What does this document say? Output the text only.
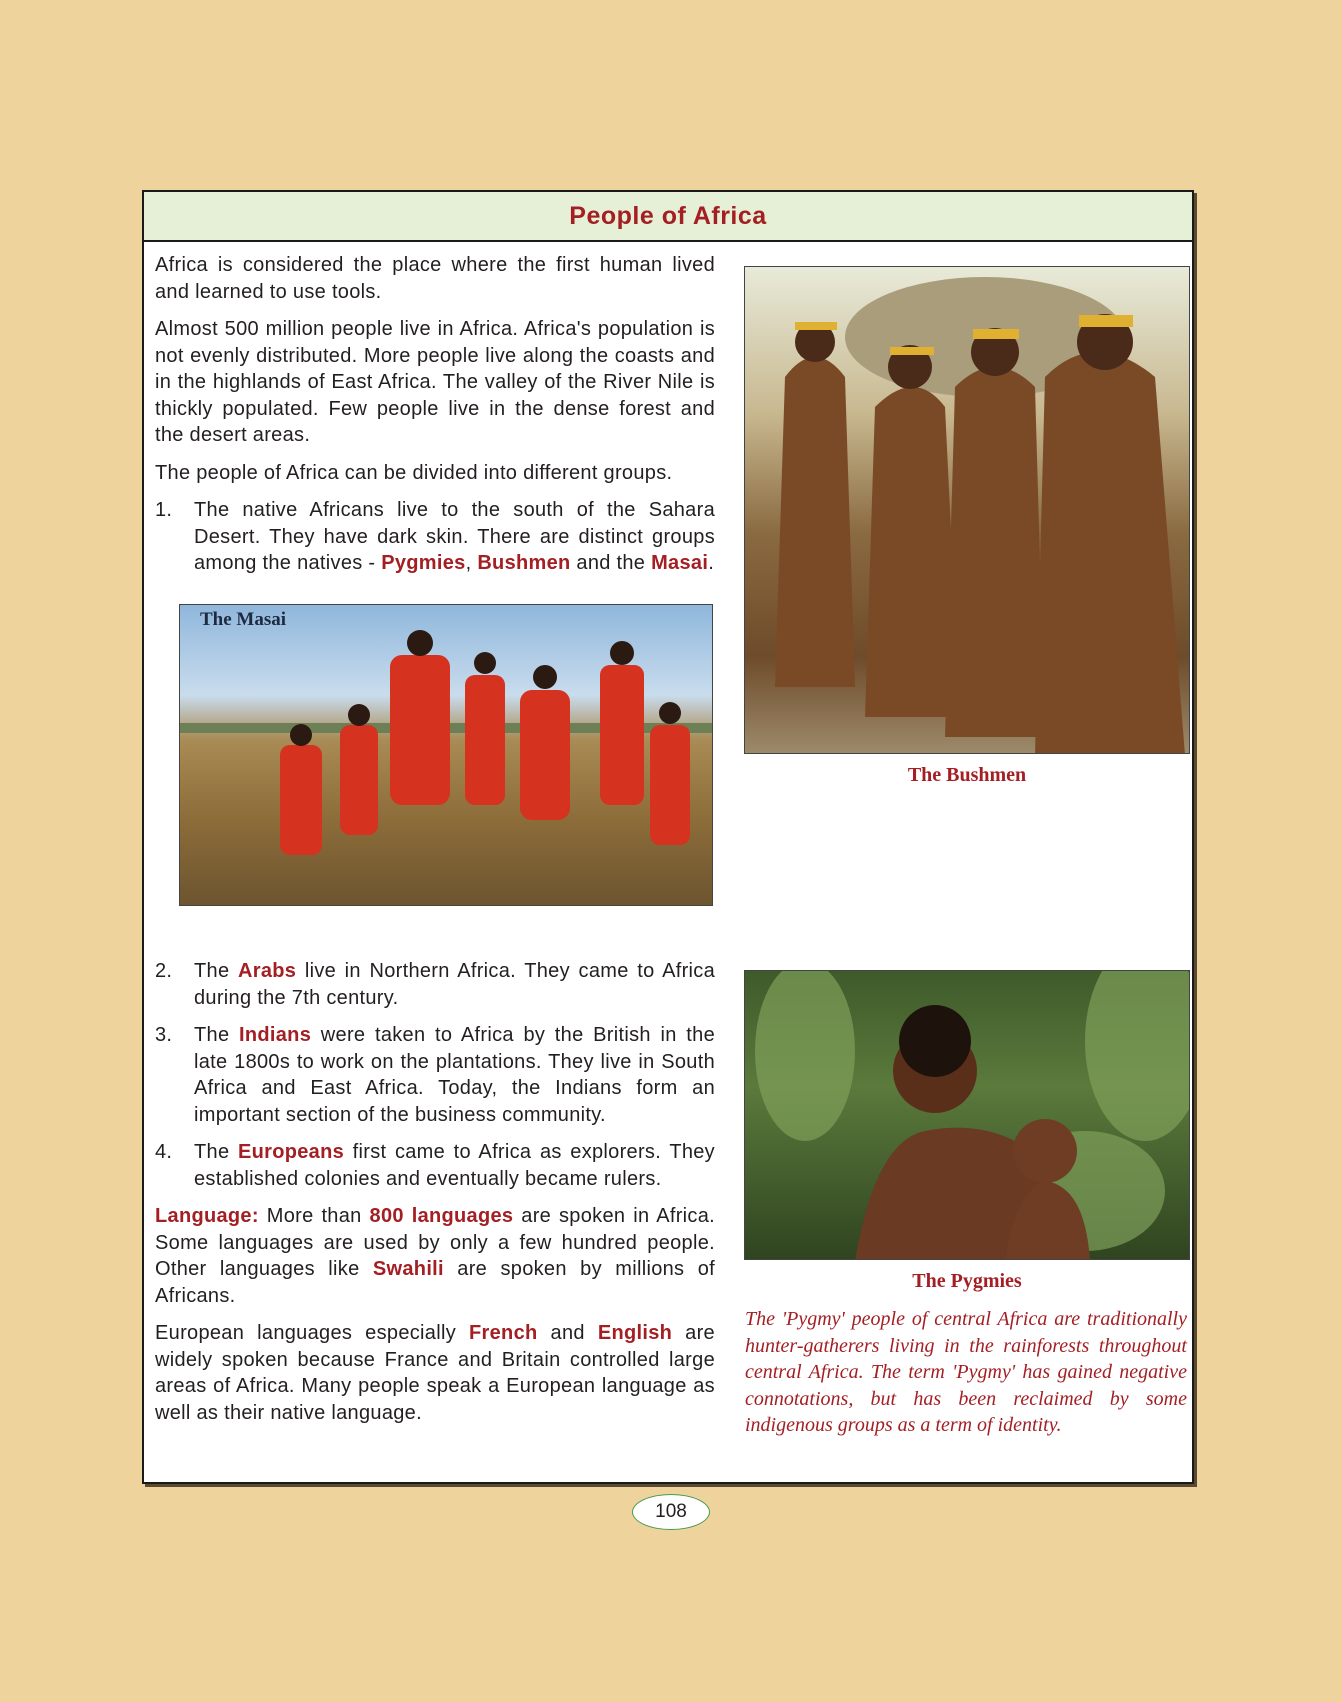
People of Africa

Africa is considered the place where the first human lived and learned to use tools.

Almost 500 million people live in Africa. Africa's population is not evenly distributed. More people live along the coasts and in the highlands of East Africa. The valley of the River Nile is thickly populated. Few people live in the dense forest and the desert areas.

The people of Africa can be divided into different groups.

1. The native Africans live to the south of the Sahara Desert. They have dark skin. There are distinct groups among the natives - Pygmies, Bushmen and the Masai.
The Masai
The Bushmen
2. The Arabs live in Northern Africa. They came to Africa during the 7th century.
3. The Indians were taken to Africa by the British in the late 1800s to work on the plantations. They live in South Africa and East Africa. Today, the Indians form an important section of the business community.
4. The Europeans first came to Africa as explorers. They established colonies and eventually became rulers.

Language: More than 800 languages are spoken in Africa. Some languages are used by only a few hundred people. Other languages like Swahili are spoken by millions of Africans.

European languages especially French and English are widely spoken because France and Britain controlled large areas of Africa. Many people speak a European language as well as their native language.

The Pygmies
The 'Pygmy' people of central Africa are traditionally hunter-gatherers living in the rainforests throughout central Africa. The term 'Pygmy' has gained negative connotations, but has been reclaimed by some indigenous groups as a term of identity.
108
